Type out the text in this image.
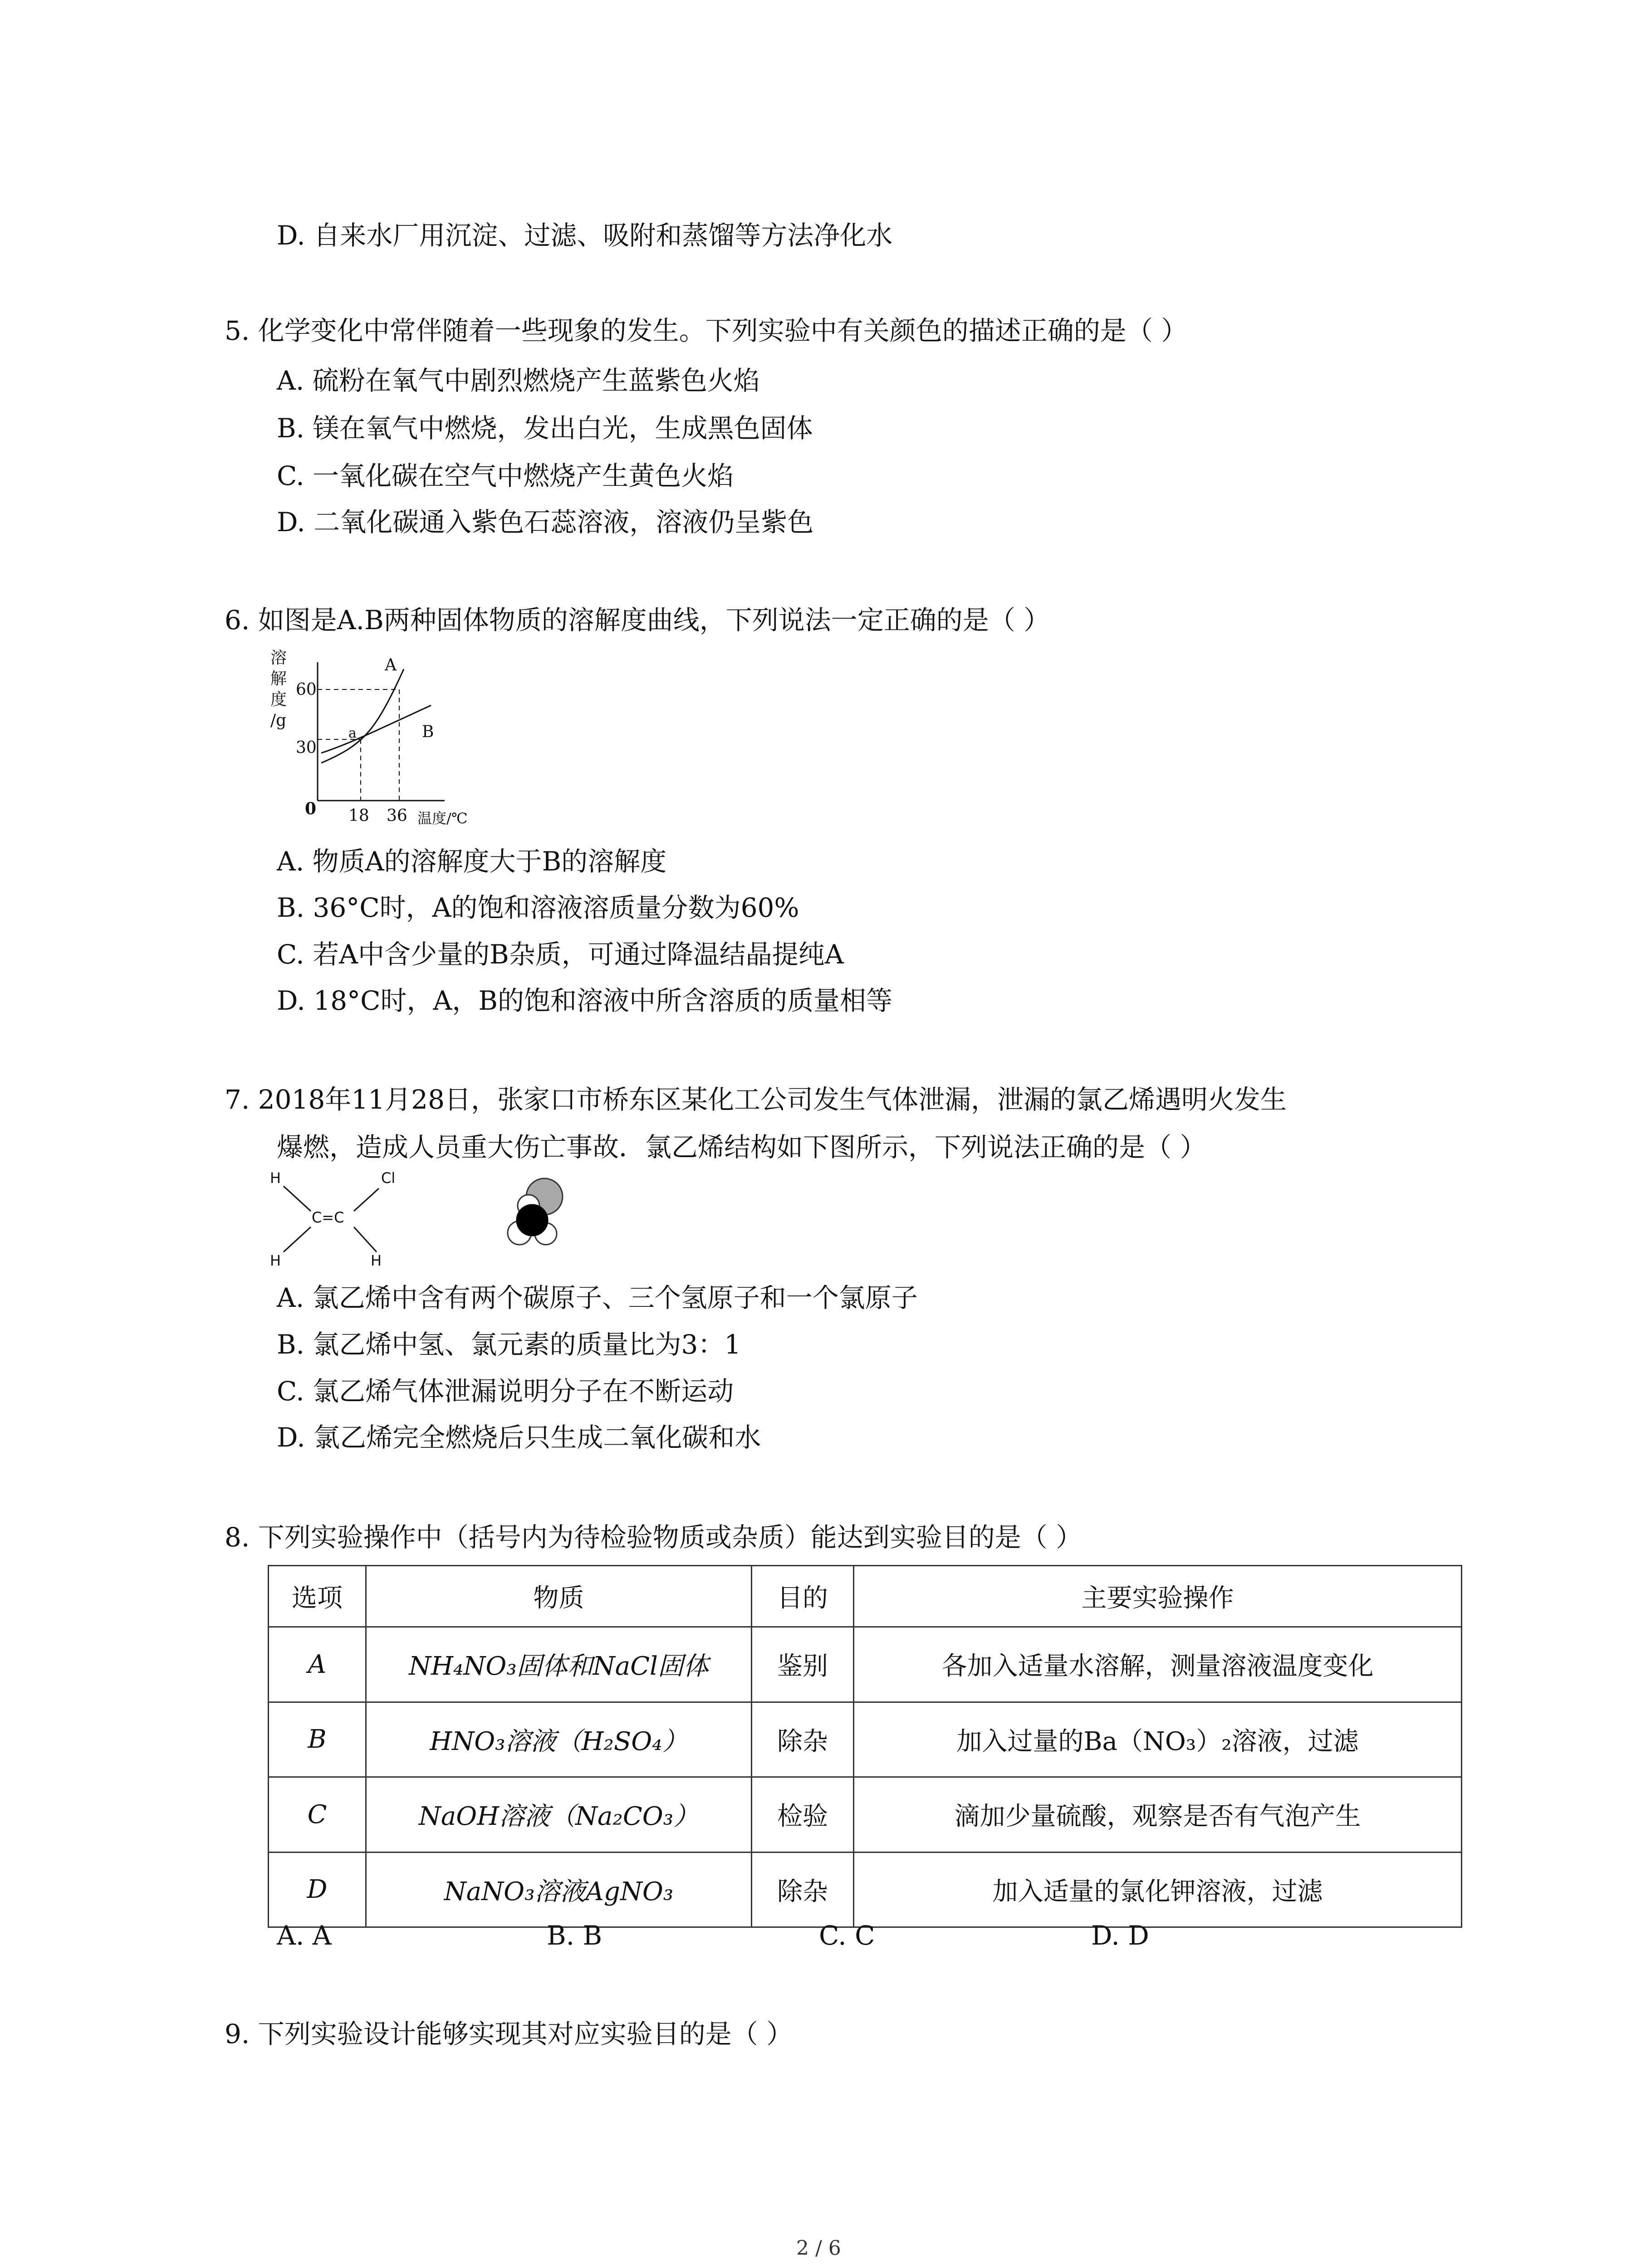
D. 自来水厂用沉淀、过滤、吸附和蒸馏等方法净化水
5. 化学变化中常伴随着一些现象的发生。下列实验中有关颜色的描述正确的是（ ）
A. 硫粉在氧气中剧烈燃烧产生蓝紫色火焰
B. 镁在氧气中燃烧，发出白光，生成黑色固体
C. 一氧化碳在空气中燃烧产生黄色火焰
D. 二氧化碳通入紫色石蕊溶液，溶液仍呈紫色
6. 如图是A.B两种固体物质的溶解度曲线，下列说法一定正确的是（ ）
溶
解
度
/g
60
30
0 18 36 温度/℃
A
B
a
A. 物质A的溶解度大于B的溶解度
B. 36°C时，A的饱和溶液溶质量分数为60%
C. 若A中含少量的B杂质，可通过降温结晶提纯A
D. 18°C时，A，B的饱和溶液中所含溶质的质量相等
7. 2018年11月28日，张家口市桥东区某化工公司发生气体泄漏，泄漏的氯乙烯遇明火发生
爆燃，造成人员重大伤亡事故．氯乙烯结构如下图所示，下列说法正确的是（ ）
H	Cl
C=C
H	H
A. 氯乙烯中含有两个碳原子、三个氢原子和一个氯原子
B. 氯乙烯中氢、氯元素的质量比为3：1
C. 氯乙烯气体泄漏说明分子在不断运动
D. 氯乙烯完全燃烧后只生成二氧化碳和水
8. 下列实验操作中（括号内为待检验物质或杂质）能达到实验目的是（ ）
选项	物质	目的	主要实验操作
A	NH₄NO₃固体和NaCl固体	鉴别	各加入适量水溶解，测量溶液温度变化
B	HNO₃溶液（H₂SO₄）	除杂	加入过量的Ba（NO₃）₂溶液，过滤
C	NaOH溶液（Na₂CO₃）	检验	滴加少量硫酸，观察是否有气泡产生
D	NaNO₃溶液AgNO₃	除杂	加入适量的氯化钾溶液，过滤
A. A	B. B	C. C	D. D
9. 下列实验设计能够实现其对应实验目的是（ ）
2 / 6
